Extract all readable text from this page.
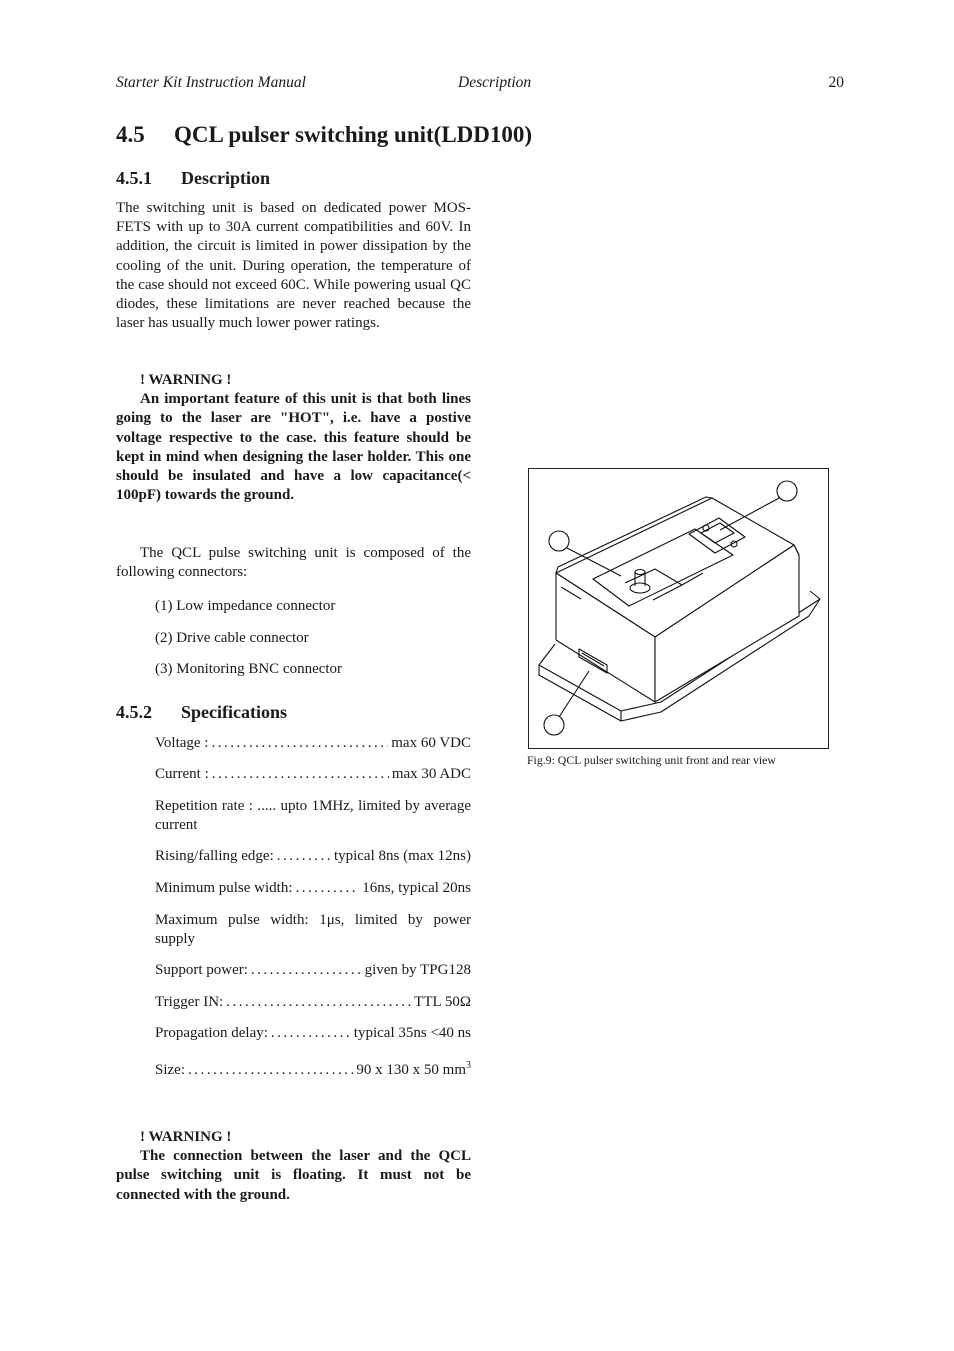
Starter Kit Instruction Manual	Description	20
4.5 QCL pulser switching unit(LDD100)
4.5.1 Description
The switching unit is based on dedicated power MOS-FETS with up to 30A current compatibilities and 60V. In addition, the circuit is limited in power dissipation by the cooling of the unit. During operation, the temperature of the case should not exceed 60C. While powering usual QC diodes, these limitations are never reached because the laser has usually much lower power ratings.
! WARNING !
An important feature of this unit is that both lines going to the laser are "HOT", i.e. have a postive voltage respective to the case. this feature should be kept in mind when designing the laser holder. This one should be insulated and have a low capacitance(< 100pF) towards the ground.
The QCL pulse switching unit is composed of the following connectors:
(1) Low impedance connector
(2) Drive cable connector
(3) Monitoring BNC connector
4.5.2 Specifications
Voltage : .....	max 60 VDC
Current : .....	max 30 ADC
Repetition rate : ..... upto 1MHz, limited by average current
Rising/falling edge: .....	typical 8ns (max 12ns)
Minimum pulse width: .....	16ns, typical 20ns
Maximum pulse width: 1μs, limited by power supply
Support power: .....	given by TPG128
Trigger IN: .....	TTL 50Ω
Propagation delay: .....	typical 35ns <40 ns
Size: .....	90 x 130 x 50 $mm^3$
! WARNING !
The connection between the laser and the QCL pulse switching unit is floating. It must not be connected with the ground.
Fig.9: QCL pulser switching unit front and rear view
